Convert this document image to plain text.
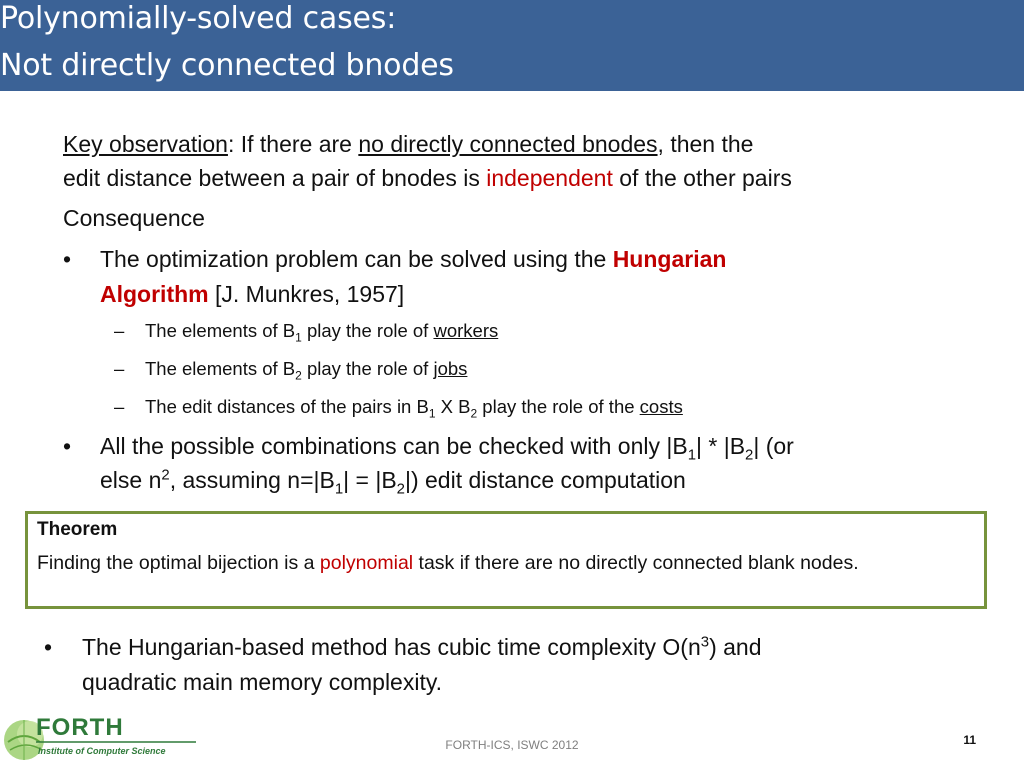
Polynomially-solved cases:
Not directly connected bnodes
Key observation: If there are no directly connected bnodes, then the
edit distance between a pair of bnodes is independent of the other pairs
Consequence
• The optimization problem can be solved using the Hungarian
Algorithm [J. Munkres, 1957]
– The elements of $B_1$ play the role of workers
– The elements of $B_2$ play the role of jobs
– The edit distances of the pairs in $B_1$ X $B_2$ play the role of the costs
• All the possible combinations can be checked with only $|B_1| * |B_2|$ (or
else $n^2$, assuming $n=|B_1| = |B_2|$) edit distance computation
Theorem
Finding the optimal bijection is a polynomial task if there are no directly connected blank nodes.
• The Hungarian-based method has cubic time complexity $O(n^3)$ and
quadratic main memory complexity.
FORTH
Institute of Computer Science	FORTH-ICS, ISWC 2012	11
